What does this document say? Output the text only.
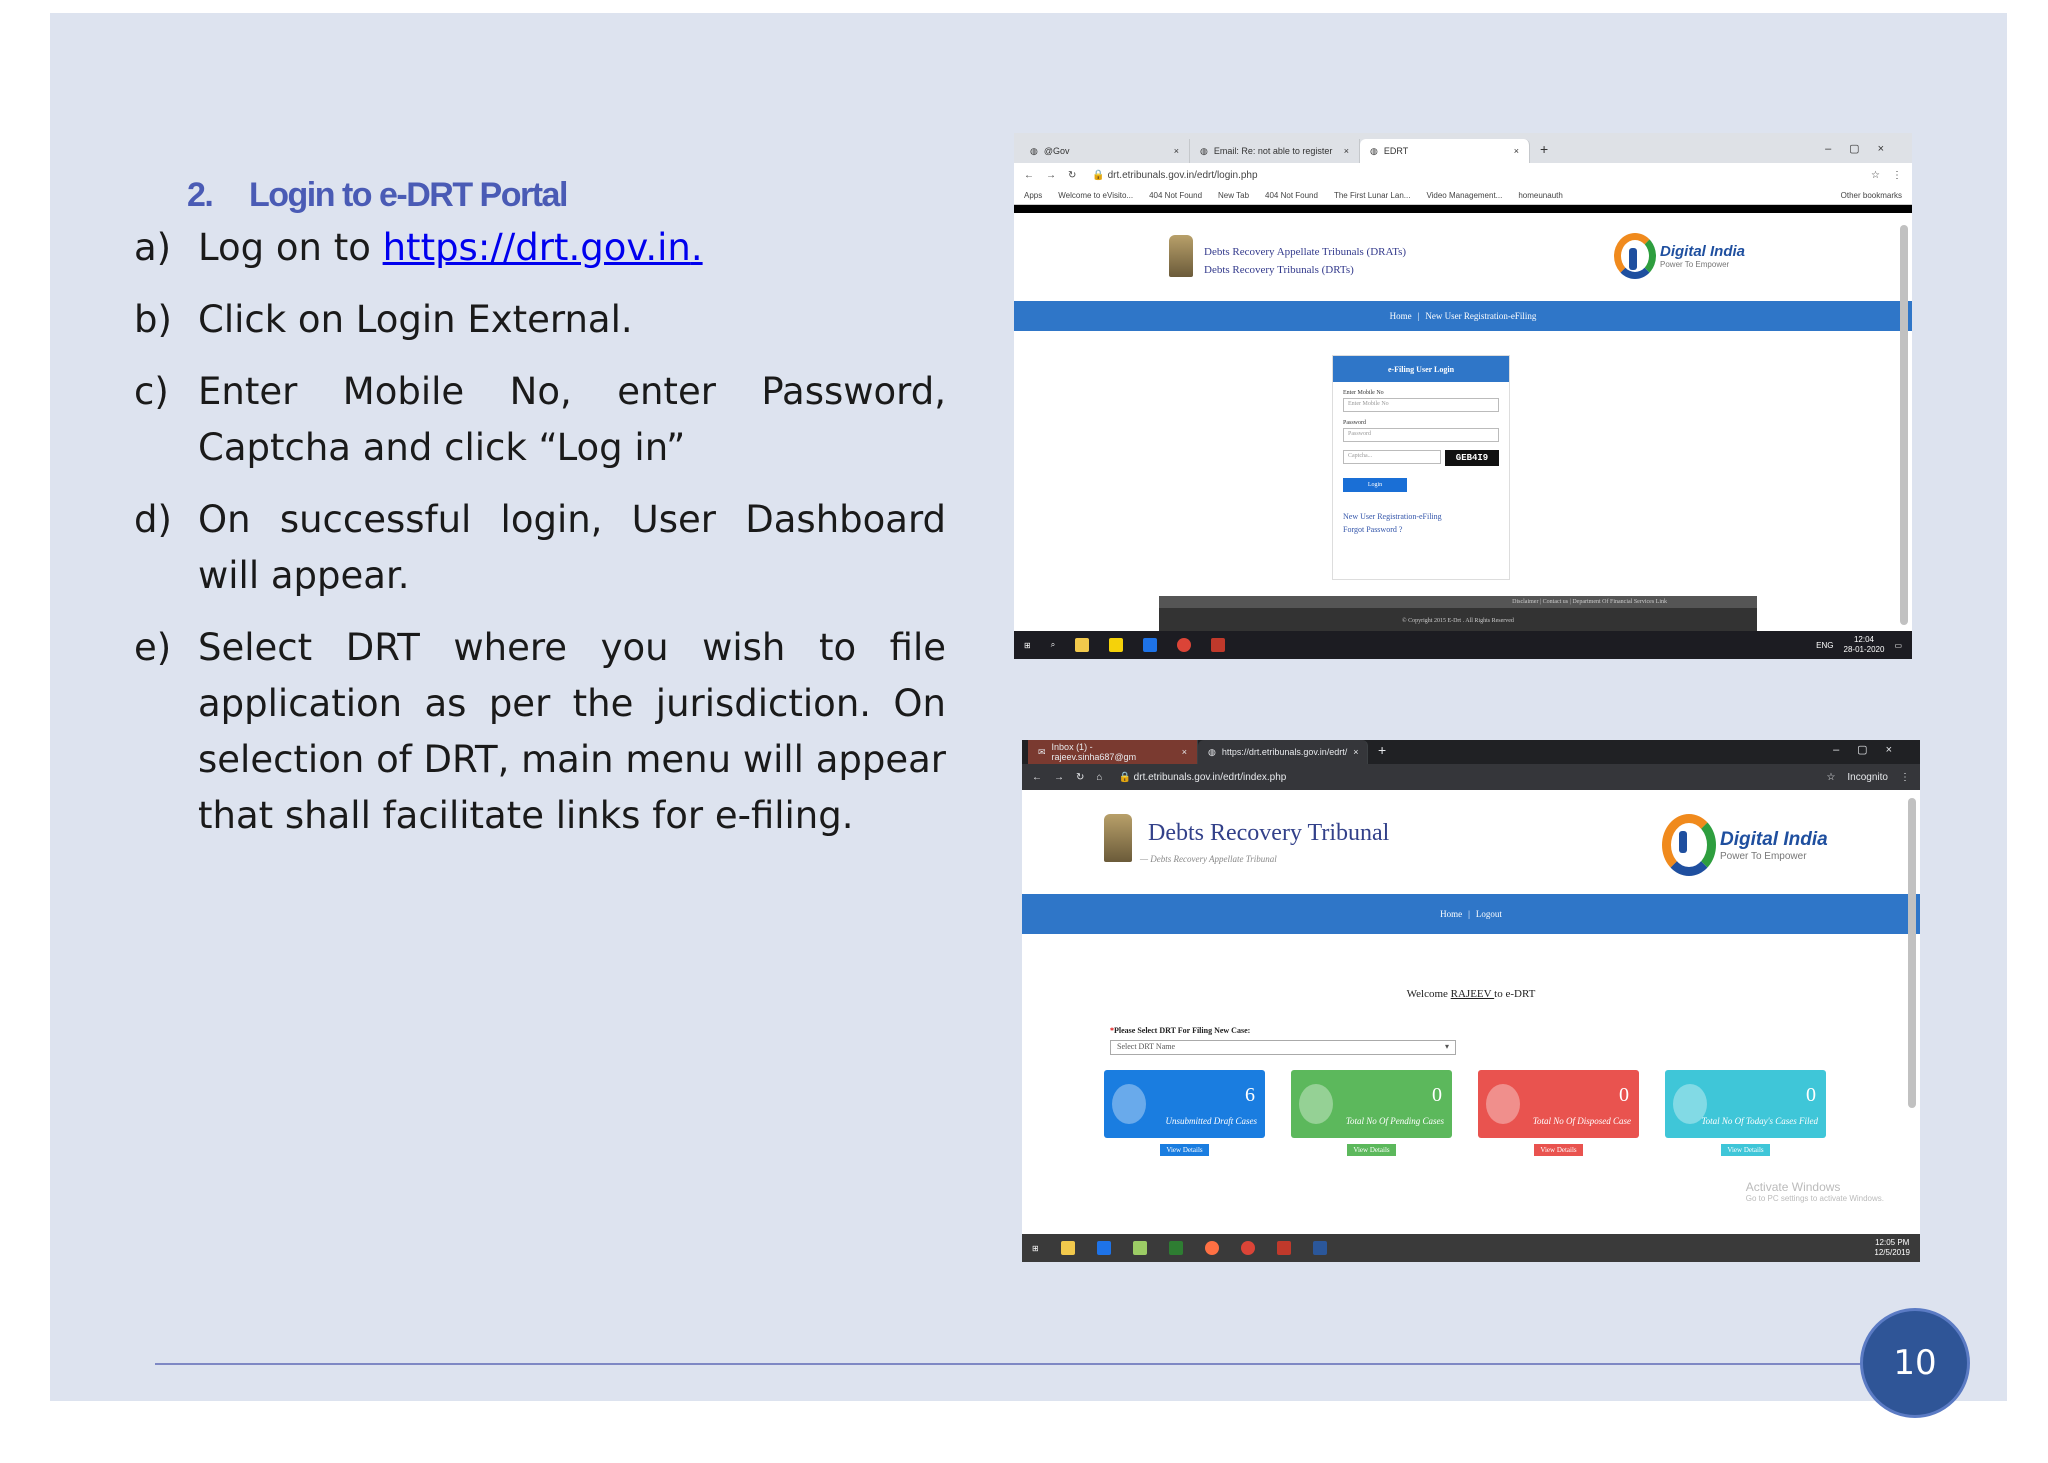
2. Login to e-DRT Portal
a) Log on to https://drt.gov.in.
b) Click on Login External.
c) Enter Mobile No, enter Password, Captcha and click “Log in”
d) On successful login, User Dashboard will appear.
e) Select DRT where you wish to file application as per the jurisdiction. On selection of DRT, main menu will appear that shall facilitate links for e-filing.
◍ @Gov	× ◍ Email: Re: not able to register × ◍ EDRT	×	+	–▢×
← → ↻ 🔒 drt.etribunals.gov.in/edrt/login.php	☆ ⋮
Apps Welcome to eVisito... 404 Not Found New Tab 404 Not Found The First Lunar Lan... Video Management... homeunauth	Other bookmarks
Debts Recovery Appellate Tribunals (DRATs)
Debts Recovery Tribunals (DRTs)
Digital India
Power To Empower
Home | New User Registration-eFiling
e-Filing User Login
Enter Mobile No
Enter Mobile No
Password
Password
Captcha...	GEB4I9
Login
New User Registration-eFiling
Forgot Password ?
Disclaimer | Contact us | Department Of Financial Services Link
© Copyright 2015 E-Drt . All Rights Reserved
⊞	⌕	ENG
12:04
28-01-2020 ▭
✉ Inbox (1) - rajeev.sinha687@gm	× ◍ https://drt.etribunals.gov.in/edrt/ ×	+	–▢×
← → ↻ ⌂ 🔒 drt.etribunals.gov.in/edrt/index.php	☆ Incognito ⋮
Debts Recovery Tribunal
— Debts Recovery Appellate Tribunal
Digital India
Power To Empower
Home | Logout
Welcome RAJEEV to e-DRT
*Please Select DRT For Filing New Case:
Select DRT Name	▾
6
Unsubmitted Draft Cases
View Details
0
Total No Of Pending Cases
View Details
0
Total No Of Disposed Case
View Details
0
Total No Of Today's Cases Filed
View Details
Activate Windows
Go to PC settings to activate Windows.
⊞
12:05 PM
12/5/2019
10
